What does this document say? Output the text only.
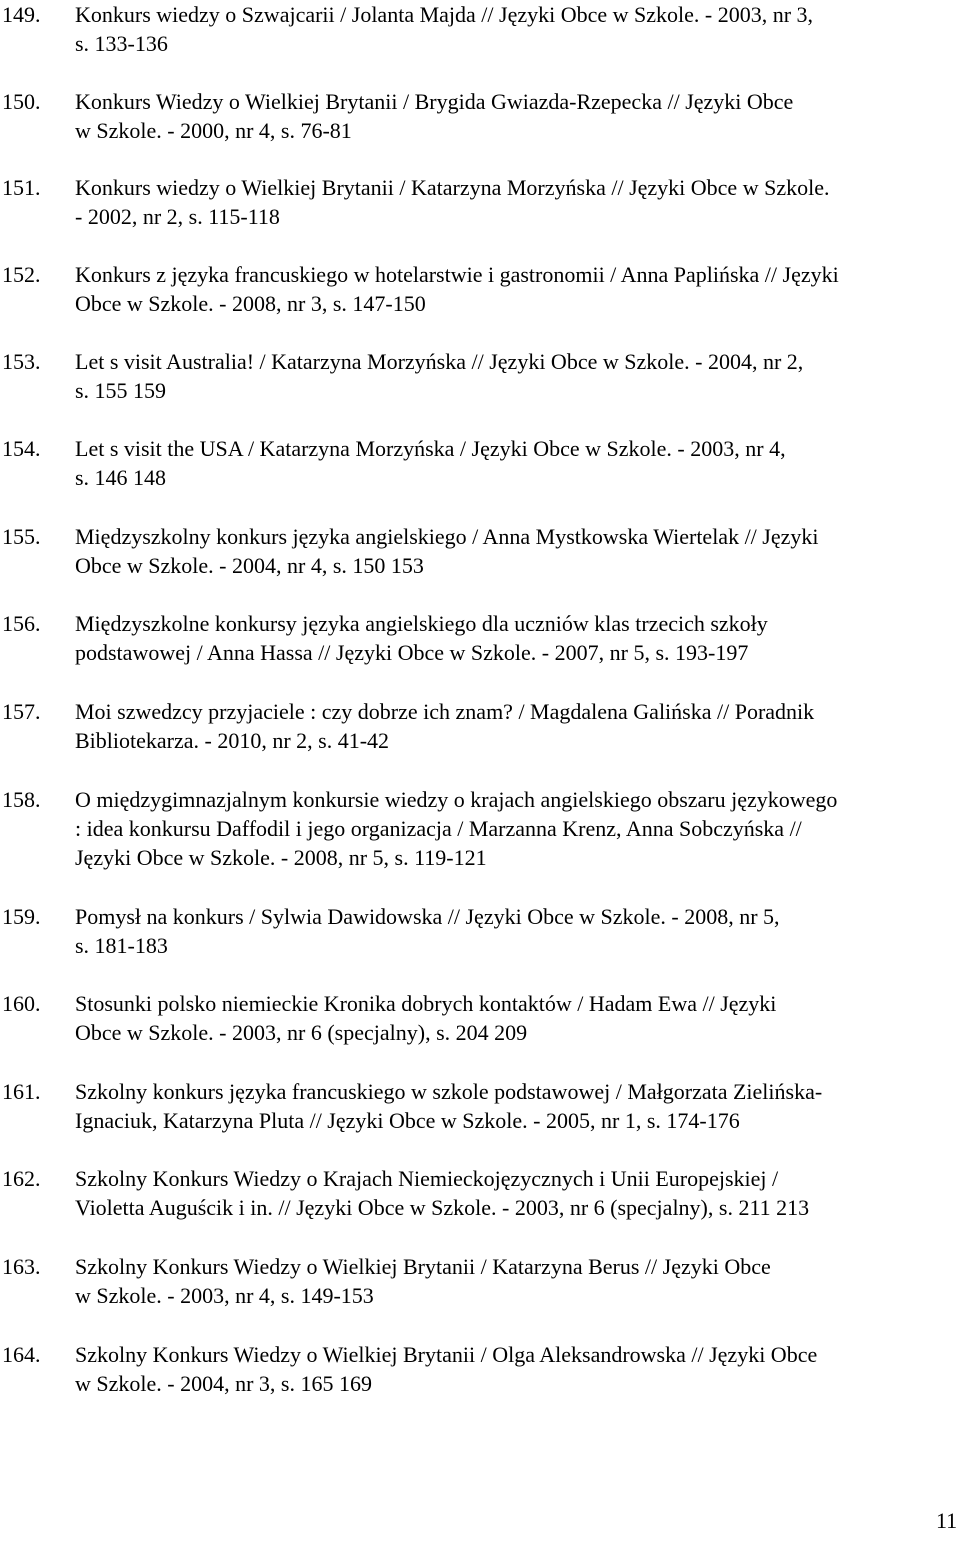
149.	Konkurs wiedzy o Szwajcarii / Jolanta Majda // Języki Obce w Szkole. - 2003, nr 3,
s. 133-136
150.	Konkurs Wiedzy o Wielkiej Brytanii / Brygida Gwiazda-Rzepecka // Języki Obce
w Szkole. - 2000, nr 4, s. 76-81
151.	Konkurs wiedzy o Wielkiej Brytanii / Katarzyna Morzyńska // Języki Obce w Szkole.
- 2002, nr 2, s. 115-118
152.	Konkurs z języka francuskiego w hotelarstwie i gastronomii / Anna Paplińska // Języki
Obce w Szkole. - 2008, nr 3, s. 147-150
153.	Let s visit Australia! / Katarzyna Morzyńska // Języki Obce w Szkole. - 2004, nr 2,
s. 155 159
154.	Let s visit the USA / Katarzyna Morzyńska / Języki Obce w Szkole. - 2003, nr 4,
s. 146 148
155.	Międzyszkolny konkurs języka angielskiego / Anna Mystkowska Wiertelak // Języki
Obce w Szkole. - 2004, nr 4, s. 150 153
156.	Międzyszkolne konkursy języka angielskiego dla uczniów klas trzecich szkoły
podstawowej / Anna Hassa // Języki Obce w Szkole. - 2007, nr 5, s. 193-197
157.	Moi szwedzcy przyjaciele : czy dobrze ich znam? / Magdalena Galińska // Poradnik
Bibliotekarza. - 2010, nr 2, s. 41-42
158.	O międzygimnazjalnym konkursie wiedzy o krajach angielskiego obszaru językowego
: idea konkursu Daffodil i jego organizacja / Marzanna Krenz, Anna Sobczyńska //
Języki Obce w Szkole. - 2008, nr 5, s. 119-121
159.	Pomysł na konkurs / Sylwia Dawidowska // Języki Obce w Szkole. - 2008, nr 5,
s. 181-183
160.	Stosunki polsko niemieckie Kronika dobrych kontaktów / Hadam Ewa // Języki
Obce w Szkole. - 2003, nr 6 (specjalny), s. 204 209
161.	Szkolny konkurs języka francuskiego w szkole podstawowej / Małgorzata Zielińska-
Ignaciuk, Katarzyna Pluta // Języki Obce w Szkole. - 2005, nr 1, s. 174-176
162.	Szkolny Konkurs Wiedzy o Krajach Niemieckojęzycznych i Unii Europejskiej /
Violetta Auguścik i in. // Języki Obce w Szkole. - 2003, nr 6 (specjalny), s. 211 213
163.	Szkolny Konkurs Wiedzy o Wielkiej Brytanii / Katarzyna Berus // Języki Obce
w Szkole. - 2003, nr 4, s. 149-153
164.	Szkolny Konkurs Wiedzy o Wielkiej Brytanii / Olga Aleksandrowska // Języki Obce
w Szkole. - 2004, nr 3, s. 165 169
11
